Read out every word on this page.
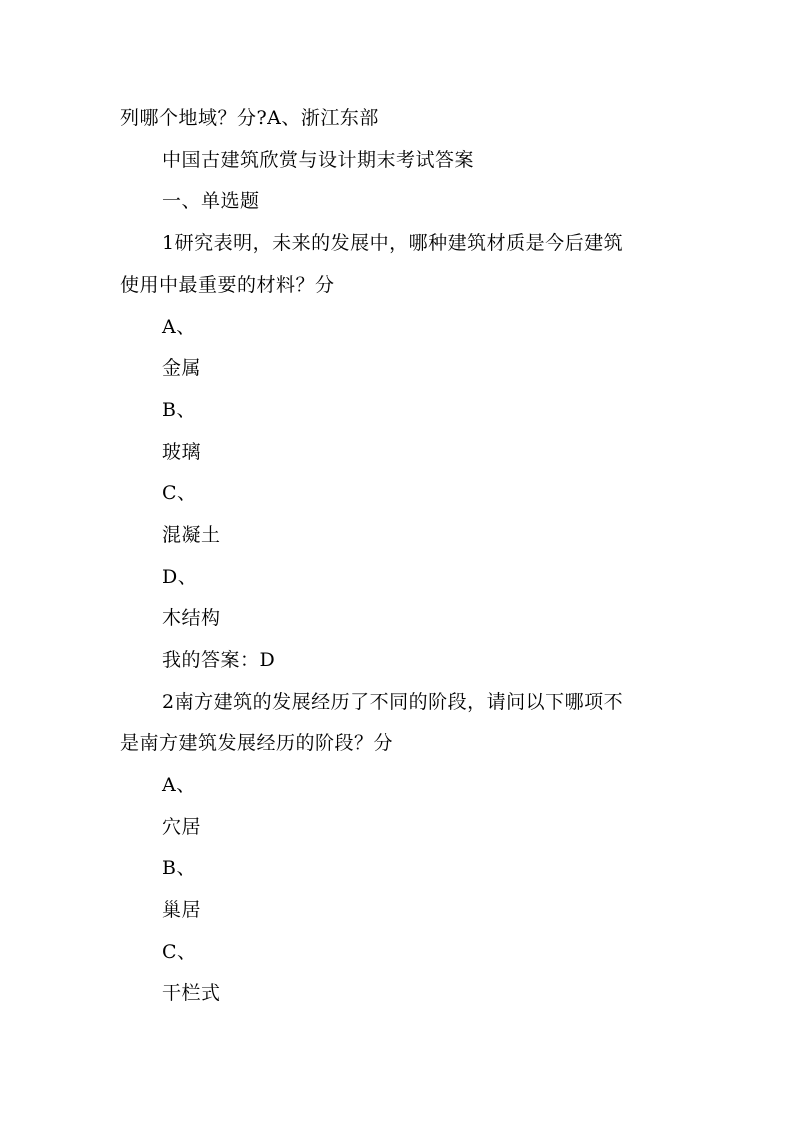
列哪个地域？分?A、浙江东部
中国古建筑欣赏与设计期末考试答案
一、单选题
1研究表明，未来的发展中，哪种建筑材质是今后建筑
使用中最重要的材料？分
A、
金属
B、
玻璃
C、
混凝土
D、
木结构
我的答案：D
2南方建筑的发展经历了不同的阶段，请问以下哪项不
是南方建筑发展经历的阶段？分
A、
穴居
B、
巢居
C、
干栏式
